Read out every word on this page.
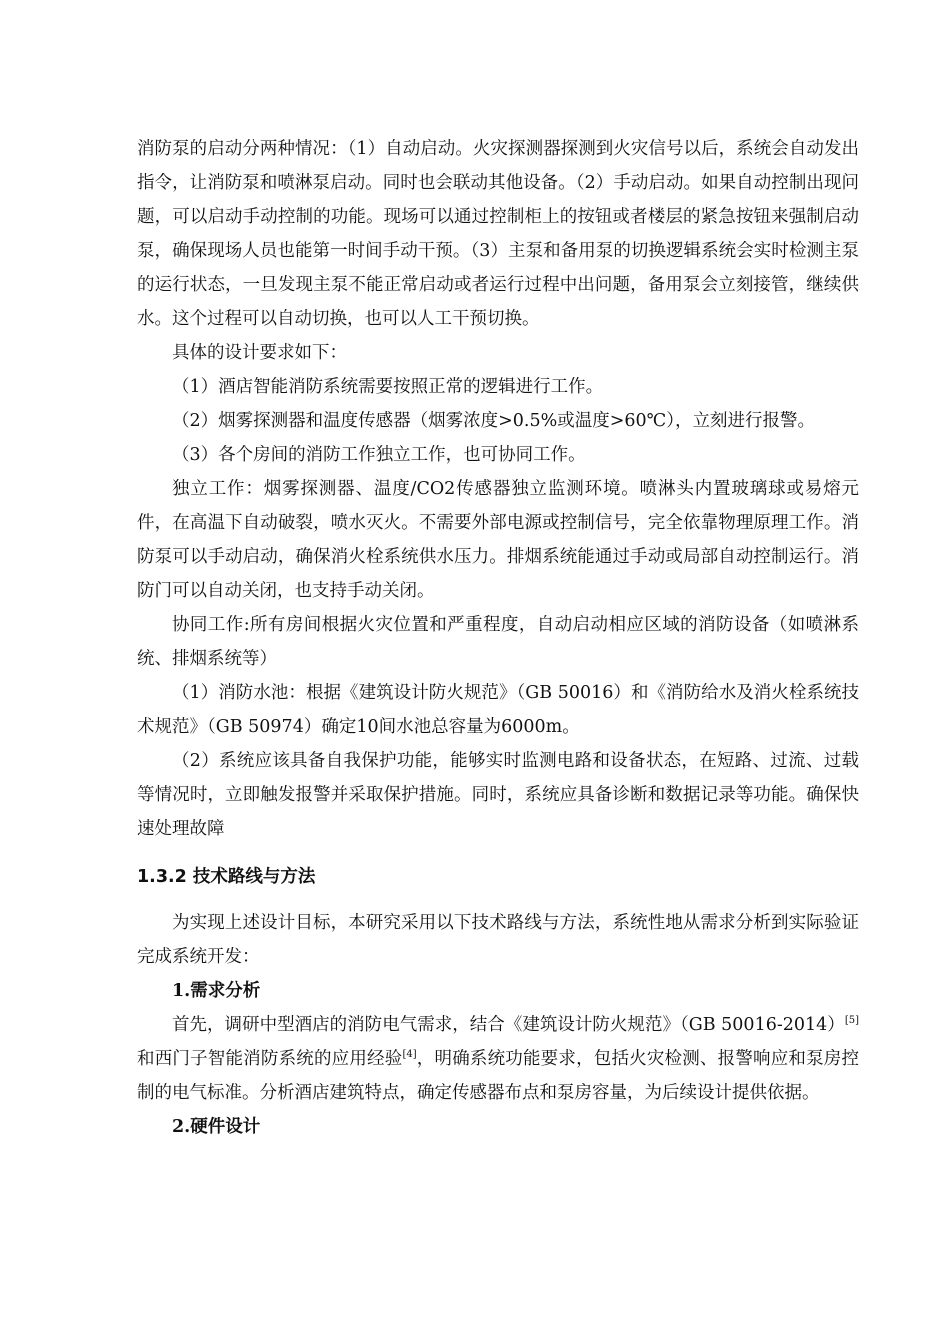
消防泵的启动分两种情况：（1）自动启动。火灾探测器探测到火灾信号以后，系统会自动发出指令，让消防泵和喷淋泵启动。同时也会联动其他设备。（2）手动启动。如果自动控制出现问题，可以启动手动控制的功能。现场可以通过控制柜上的按钮或者楼层的紧急按钮来强制启动泵，确保现场人员也能第一时间手动干预。（3）主泵和备用泵的切换逻辑系统会实时检测主泵的运行状态，一旦发现主泵不能正常启动或者运行过程中出问题，备用泵会立刻接管，继续供水。这个过程可以自动切换，也可以人工干预切换。

具体的设计要求如下：

（1）酒店智能消防系统需要按照正常的逻辑进行工作。

（2）烟雾探测器和温度传感器（烟雾浓度>0.5%或温度>60℃），立刻进行报警。

（3）各个房间的消防工作独立工作，也可协同工作。

独立工作：烟雾探测器、温度/CO2传感器独立监测环境。喷淋头内置玻璃球或易熔元件，在高温下自动破裂，喷水灭火。不需要外部电源或控制信号，完全依靠物理原理工作。消防泵可以手动启动，确保消火栓系统供水压力。排烟系统能通过手动或局部自动控制运行。消防门可以自动关闭，也支持手动关闭。

协同工作:所有房间根据火灾位置和严重程度，自动启动相应区域的消防设备（如喷淋系统、排烟系统等）

（1）消防水池：根据《建筑设计防火规范》（GB 50016）和《消防给水及消火栓系统技术规范》（GB 50974）确定10间水池总容量为6000m。

（2）系统应该具备自我保护功能，能够实时监测电路和设备状态，在短路、过流、过载等情况时，立即触发报警并采取保护措施。同时，系统应具备诊断和数据记录等功能。确保快速处理故障

1.3.2 技术路线与方法

为实现上述设计目标，本研究采用以下技术路线与方法，系统性地从需求分析到实际验证完成系统开发：

1.需求分析

首先，调研中型酒店的消防电气需求，结合《建筑设计防火规范》（GB 50016-2014）[5]和西门子智能消防系统的应用经验[4]，明确系统功能要求，包括火灾检测、报警响应和泵房控制的电气标准。分析酒店建筑特点，确定传感器布点和泵房容量，为后续设计提供依据。

2.硬件设计
